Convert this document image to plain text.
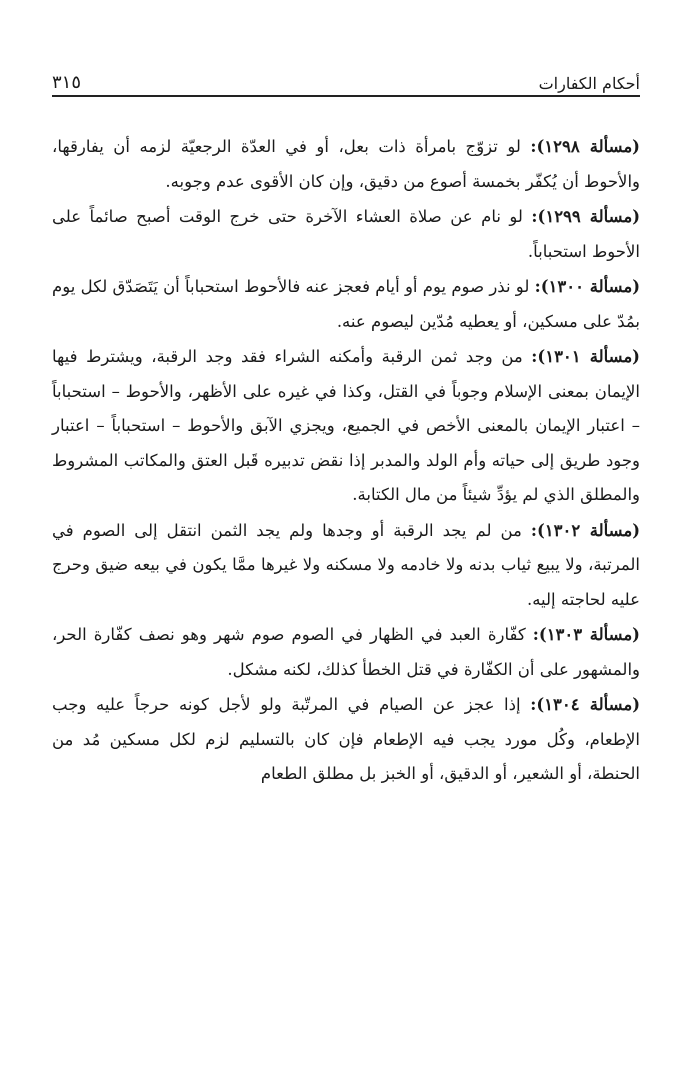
أحكام الكفارات
٣١٥

(مسألة ١٢٩٨): لو تزوّج بامرأة ذات بعل، أو في العدّة الرجعيّة لزمه أن يفارقها، والأحوط أن يُكفّر بخمسة أصوع من دقيق، وإن كان الأقوى عدم وجوبه.

(مسألة ١٢٩٩): لو نام عن صلاة العشاء الآخرة حتى خرج الوقت أصبح صائماً على الأحوط استحباباً.

(مسألة ١٣٠٠): لو نذر صوم يوم أو أيام فعجز عنه فالأحوط استحباباً أن يَتَصَدّق لكل يوم بمُدّ على مسكين، أو يعطيه مُدّين ليصوم عنه.

(مسألة ١٣٠١): من وجد ثمن الرقبة وأمكنه الشراء فقد وجد الرقبة، ويشترط فيها الإيمان بمعنى الإسلام وجوباً في القتل، وكذا في غيره على الأظهر، والأحوط – استحباباً – اعتبار الإيمان بالمعنى الأخص في الجميع، ويجزي الآبق والأحوط – استحباباً – اعتبار وجود طريق إلى حياته وأم الولد والمدبر إذا نقض تدبيره قَبل العتق والمكاتب المشروط والمطلق الذي لم يؤدِّ شيئاً من مال الكتابة.

(مسألة ١٣٠٢): من لم يجد الرقبة أو وجدها ولم يجد الثمن انتقل إلى الصوم في المرتبة، ولا يبيع ثياب بدنه ولا خادمه ولا مسكنه ولا غيرها ممَّا يكون في بيعه ضيق وحرج عليه لحاجته إليه.

(مسألة ١٣٠٣): كفّارة العبد في الظهار في الصوم صوم شهر وهو نصف كفّارة الحر، والمشهور على أن الكفّارة في قتل الخطأ كذلك، لكنه مشكل.

(مسألة ١٣٠٤): إذا عجز عن الصيام في المرتّبة ولو لأجل كونه حرجاً عليه وجب الإطعام، وكُل مورد يجب فيه الإطعام فإن كان بالتسليم لزم لكل مسكين مُد من الحنطة، أو الشعير، أو الدقيق، أو الخبز بل مطلق الطعام
